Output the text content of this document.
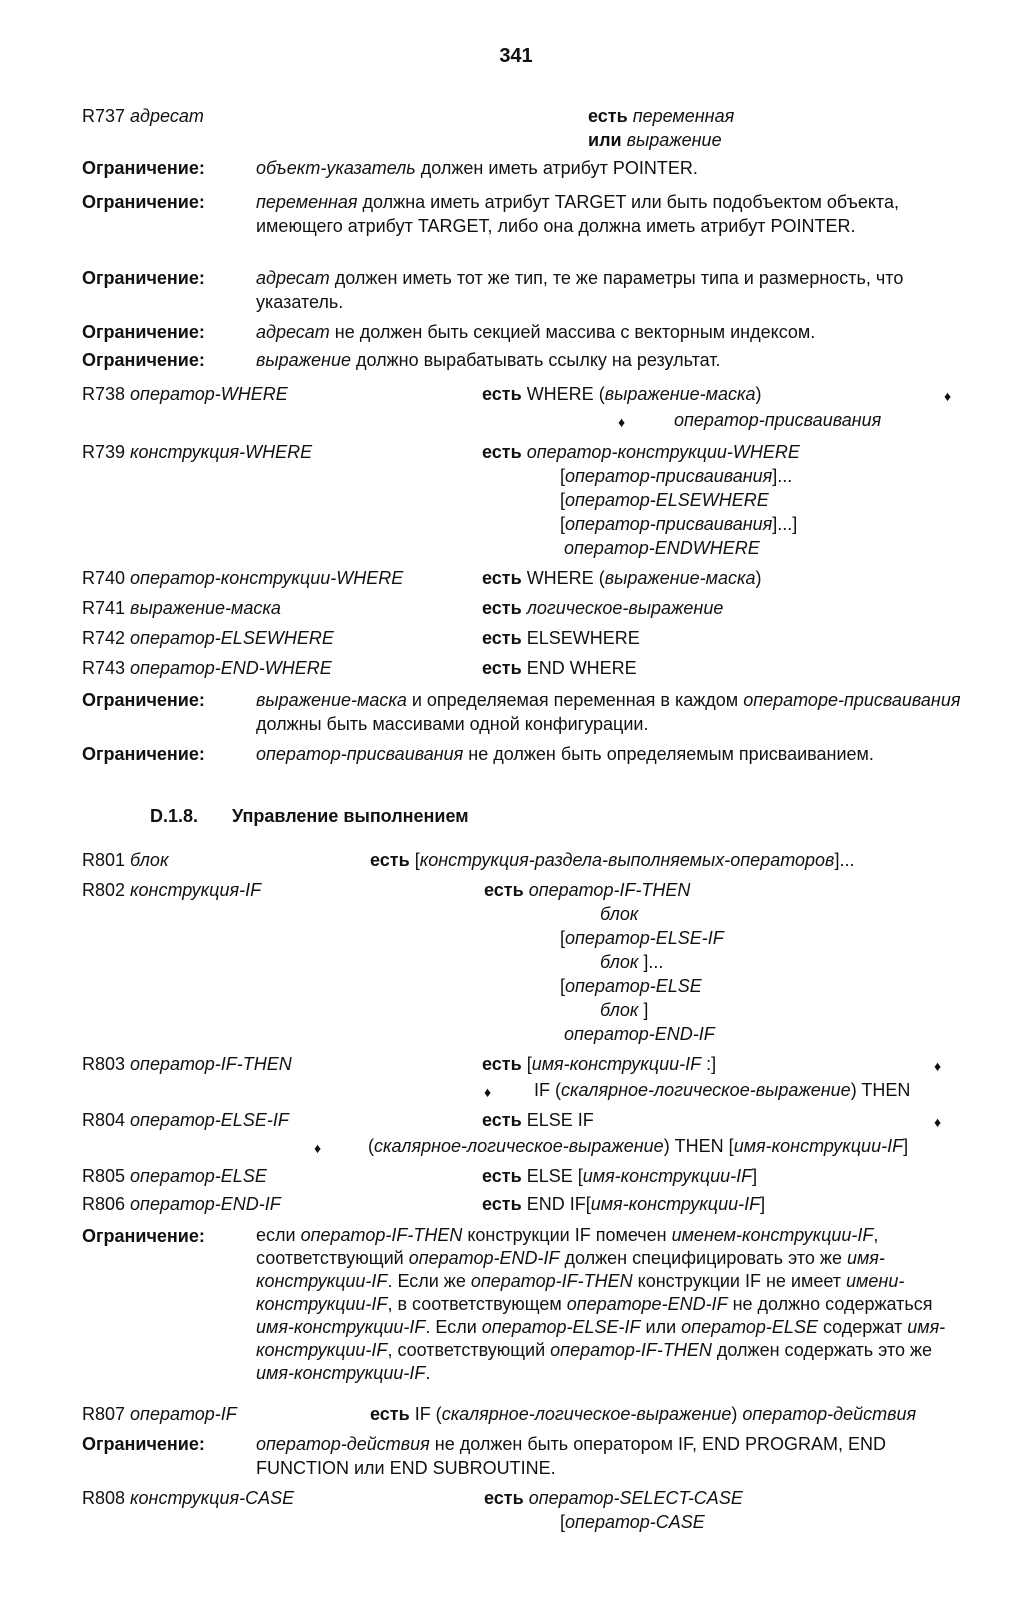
341
R737 адресат	есть переменная
или выражение
Ограничение:	объект-указатель должен иметь атрибут POINTER.
Ограничение:	переменная должна иметь атрибут TARGET или быть подобъектом объекта, имеющего атрибут TARGET, либо она должна иметь атрибут POINTER.
Ограничение:	адресат должен иметь тот же тип, те же параметры типа и размерность, что указатель.
Ограничение:	адресат не должен быть секцией массива с векторным индексом.
Ограничение:	выражение должно вырабатывать ссылку на результат.
R738 оператор-WHERE	есть WHERE (выражение-маска)	♦
♦	оператор-присваивания
R739 конструкция-WHERE	есть оператор-конструкции-WHERE
[оператор-присваивания]...
[оператор-ELSEWHERE
[оператор-присваивания]...]
оператор-ENDWHERE
R740 оператор-конструкции-WHERE	есть WHERE (выражение-маска)
R741 выражение-маска	есть логическое-выражение
R742 оператор-ELSEWHERE	есть ELSEWHERE
R743 оператор-END-WHERE	есть END WHERE
Ограничение:	выражение-маска и определяемая переменная в каждом операторе-присваивания должны быть массивами одной конфигурации.
Ограничение:	оператор-присваивания не должен быть определяемым присваиванием.
D.1.8. Управление выполнением
R801 блок	есть [конструкция-раздела-выполняемых-операторов]...
R802 конструкция-IF	есть оператор-IF-THEN
блок
[оператор-ELSE-IF
блок ]...
[оператор-ELSE
блок ]
оператор-END-IF
R803 оператор-IF-THEN	есть [имя-конструкции-IF :]	♦
♦ IF (скалярное-логическое-выражение) THEN
R804 оператор-ELSE-IF	есть ELSE IF	♦
♦	(скалярное-логическое-выражение) THEN [имя-конструкции-IF]
R805 оператор-ELSE	есть ELSE [имя-конструкции-IF]
R806 оператор-END-IF	есть END IF[имя-конструкции-IF]
Ограничение:	если оператор-IF-THEN конструкции IF помечен именем-конструкции-IF, соответствующий оператор-END-IF должен специфицировать это же имя-конструкции-IF. Если же оператор-IF-THEN конструкции IF не имеет имени-конструкции-IF, в соответствующем операторе-END-IF не должно содержаться имя-конструкции-IF. Если оператор-ELSE-IF или оператор-ELSE содержат имя-конструкции-IF, соответствующий оператор-IF-THEN должен содержать это же имя-конструкции-IF.
R807 оператор-IF	есть IF (скалярное-логическое-выражение) оператор-действия
Ограничение:	оператор-действия не должен быть оператором IF, END PROGRAM, END FUNCTION или END SUBROUTINE.
R808 конструкция-CASE	есть оператор-SELECT-CASE
[оператор-CASE
